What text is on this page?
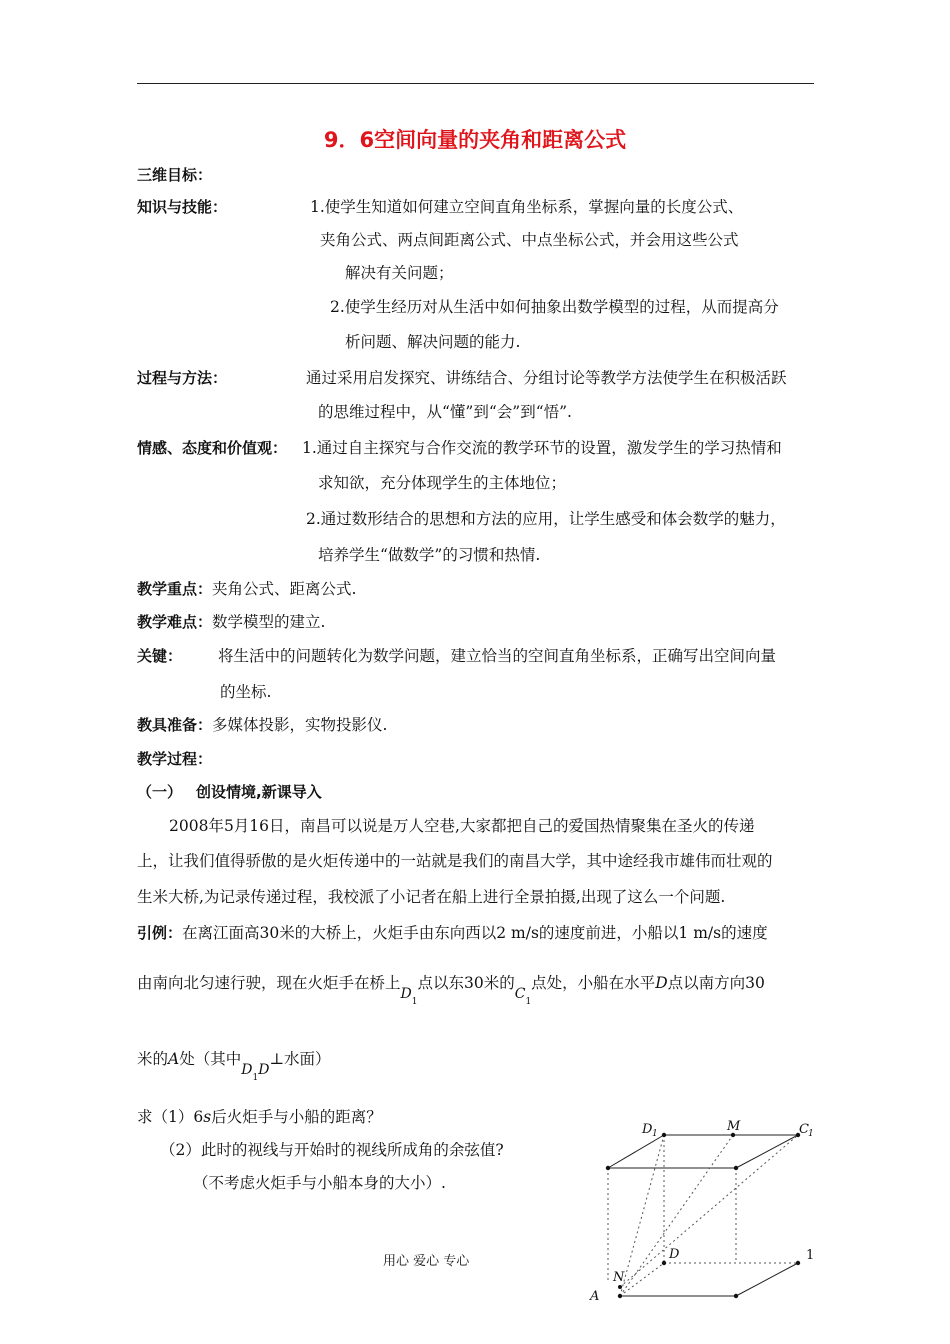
9．6空间向量的夹角和距离公式
三维目标：
知识与技能：	1.使学生知道如何建立空间直角坐标系，掌握向量的长度公式、
夹角公式、两点间距离公式、中点坐标公式，并会用这些公式
解决有关问题；
2.使学生经历对从生活中如何抽象出数学模型的过程，从而提高分
析问题、解决问题的能力.
过程与方法：	通过采用启发探究、讲练结合、分组讨论等教学方法使学生在积极活跃
的思维过程中，从“懂”到“会”到“悟”.
情感、态度和价值观： 1.通过自主探究与合作交流的教学环节的设置，激发学生的学习热情和
求知欲，充分体现学生的主体地位；
2.通过数形结合的思想和方法的应用，让学生感受和体会数学的魅力，
培养学生“做数学”的习惯和热情.
教学重点：夹角公式、距离公式.
教学难点：数学模型的建立.
关键： 将生活中的问题转化为数学问题，建立恰当的空间直角坐标系，正确写出空间向量
的坐标.
教具准备：多媒体投影，实物投影仪.
教学过程：
（一） 创设情境,新课导入
2008年5月16日，南昌可以说是万人空巷,大家都把自己的爱国热情聚集在圣火的传递
上，让我们值得骄傲的是火炬传递中的一站就是我们的南昌大学，其中途经我市雄伟而壮观的
生米大桥,为记录传递过程，我校派了小记者在船上进行全景拍摄,出现了这么一个问题.
引例：在离江面高30米的大桥上，火炬手由东向西以2 m/s的速度前进，小船以1 m/s的速度
由南向北匀速行驶，现在火炬手在桥上$D_1$点以东30米的$C_1$点处，小船在水平D点以南方向30
米的A处（其中$D_1D\perp$水面）
求（1）6s后火炬手与小船的距离？
（2）此时的视线与开始时的视线所成角的余弦值?
（不考虑火炬手与小船本身的大小）.
D 1	M	C 1
D
N
A
用心 爱心 专心	1
